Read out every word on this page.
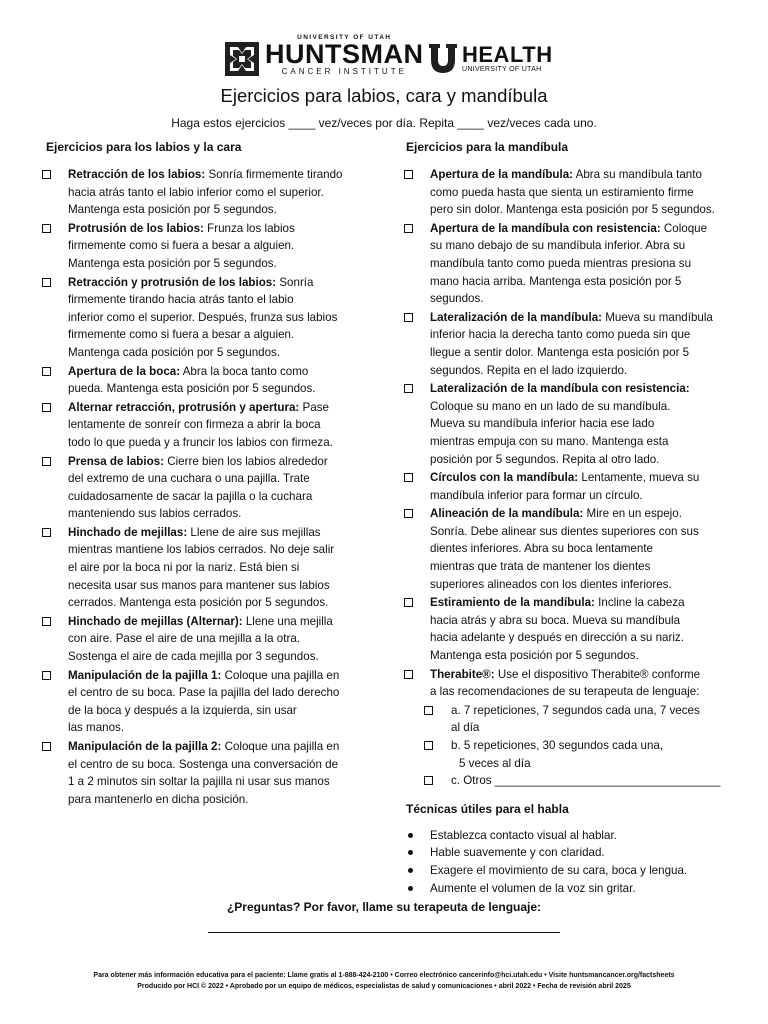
UNIVERSITY OF UTAH
HUNTSMAN
CANCER INSTITUTE
HEALTH
UNIVERSITY OF UTAH
Ejercicios para labios, cara y mandíbula
Haga estos ejercicios ____ vez/veces por día. Repita ____ vez/veces cada uno.
Ejercicios para los labios y la cara
Retracción de los labios: Sonría firmemente tirando
hacia atrás tanto el labio inferior como el superior.
Mantenga esta posición por 5 segundos.
Protrusión de los labios: Frunza los labios
firmemente como si fuera a besar a alguien.
Mantenga esta posición por 5 segundos.
Retracción y protrusión de los labios: Sonría
firmemente tirando hacia atrás tanto el labio
inferior como el superior. Después, frunza sus labios
firmemente como si fuera a besar a alguien.
Mantenga cada posición por 5 segundos.
Apertura de la boca: Abra la boca tanto como
pueda. Mantenga esta posición por 5 segundos.
Alternar retracción, protrusión y apertura: Pase
lentamente de sonreír con firmeza a abrir la boca
todo lo que pueda y a fruncir los labios con firmeza.
Prensa de labios: Cierre bien los labios alrededor
del extremo de una cuchara o una pajilla. Trate
cuidadosamente de sacar la pajilla o la cuchara
manteniendo sus labios cerrados.
Hinchado de mejillas: Llene de aire sus mejillas
mientras mantiene los labios cerrados. No deje salir
el aire por la boca ni por la nariz. Está bien si
necesita usar sus manos para mantener sus labios
cerrados. Mantenga esta posición por 5 segundos.
Hinchado de mejillas (Alternar): Llene una mejilla
con aire. Pase el aire de una mejilla a la otra.
Sostenga el aire de cada mejilla por 3 segundos.
Manipulación de la pajilla 1: Coloque una pajilla en
el centro de su boca. Pase la pajilla del lado derecho
de la boca y después a la izquierda, sin usar
las manos.
Manipulación de la pajilla 2: Coloque una pajilla en
el centro de su boca. Sostenga una conversación de
1 a 2 minutos sin soltar la pajilla ni usar sus manos
para mantenerlo en dicha posición.
Ejercicios para la mandíbula
Apertura de la mandíbula: Abra su mandíbula tanto
como pueda hasta que sienta un estiramiento firme
pero sin dolor. Mantenga esta posición por 5 segundos.
Apertura de la mandíbula con resistencia: Coloque
su mano debajo de su mandíbula inferior. Abra su
mandíbula tanto como pueda mientras presiona su
mano hacia arriba. Mantenga esta posición por 5
segundos.
Lateralización de la mandíbula: Mueva su mandíbula
inferior hacia la derecha tanto como pueda sin que
llegue a sentir dolor. Mantenga esta posición por 5
segundos. Repita en el lado izquierdo.
Lateralización de la mandíbula con resistencia:
Coloque su mano en un lado de su mandíbula.
Mueva su mandíbula inferior hacia ese lado
mientras empuja con su mano. Mantenga esta
posición por 5 segundos. Repita al otro lado.
Círculos con la mandíbula: Lentamente, mueva su
mandíbula inferior para formar un círculo.
Alineación de la mandíbula: Mire en un espejo.
Sonría. Debe alinear sus dientes superiores con sus
dientes inferiores. Abra su boca lentamente
mientras que trata de mantener los dientes
superiores alineados con los dientes inferiores.
Estiramiento de la mandíbula: Incline la cabeza
hacia atrás y abra su boca. Mueva su mandíbula
hacia adelante y después en dirección a su nariz.
Mantenga esta posición por 5 segundos.
Therabite®: Use el dispositivo Therabite® conforme
a las recomendaciones de su terapeuta de lenguaje:
a. 7 repeticiones, 7 segundos cada una, 7 veces
al día
b. 5 repeticiones, 30 segundos cada una,
5 veces al día
c. Otros ___________________________________
Técnicas útiles para el habla
Establezca contacto visual al hablar.
Hable suavemente y con claridad.
Exagere el movimiento de su cara, boca y lengua.
Aumente el volumen de la voz sin gritar.
¿Preguntas? Por favor, llame su terapeuta de lenguaje:
Para obtener más información educativa para el paciente: Llame gratis al 1-888-424-2100 • Correo electrónico cancerinfo@hci.utah.edu • Visite huntsmancancer.org/factsheets
Producido por HCI © 2022 • Aprobado por un equipo de médicos, especialistas de salud y comunicaciones • abril 2022 • Fecha de revisión abril 2025
